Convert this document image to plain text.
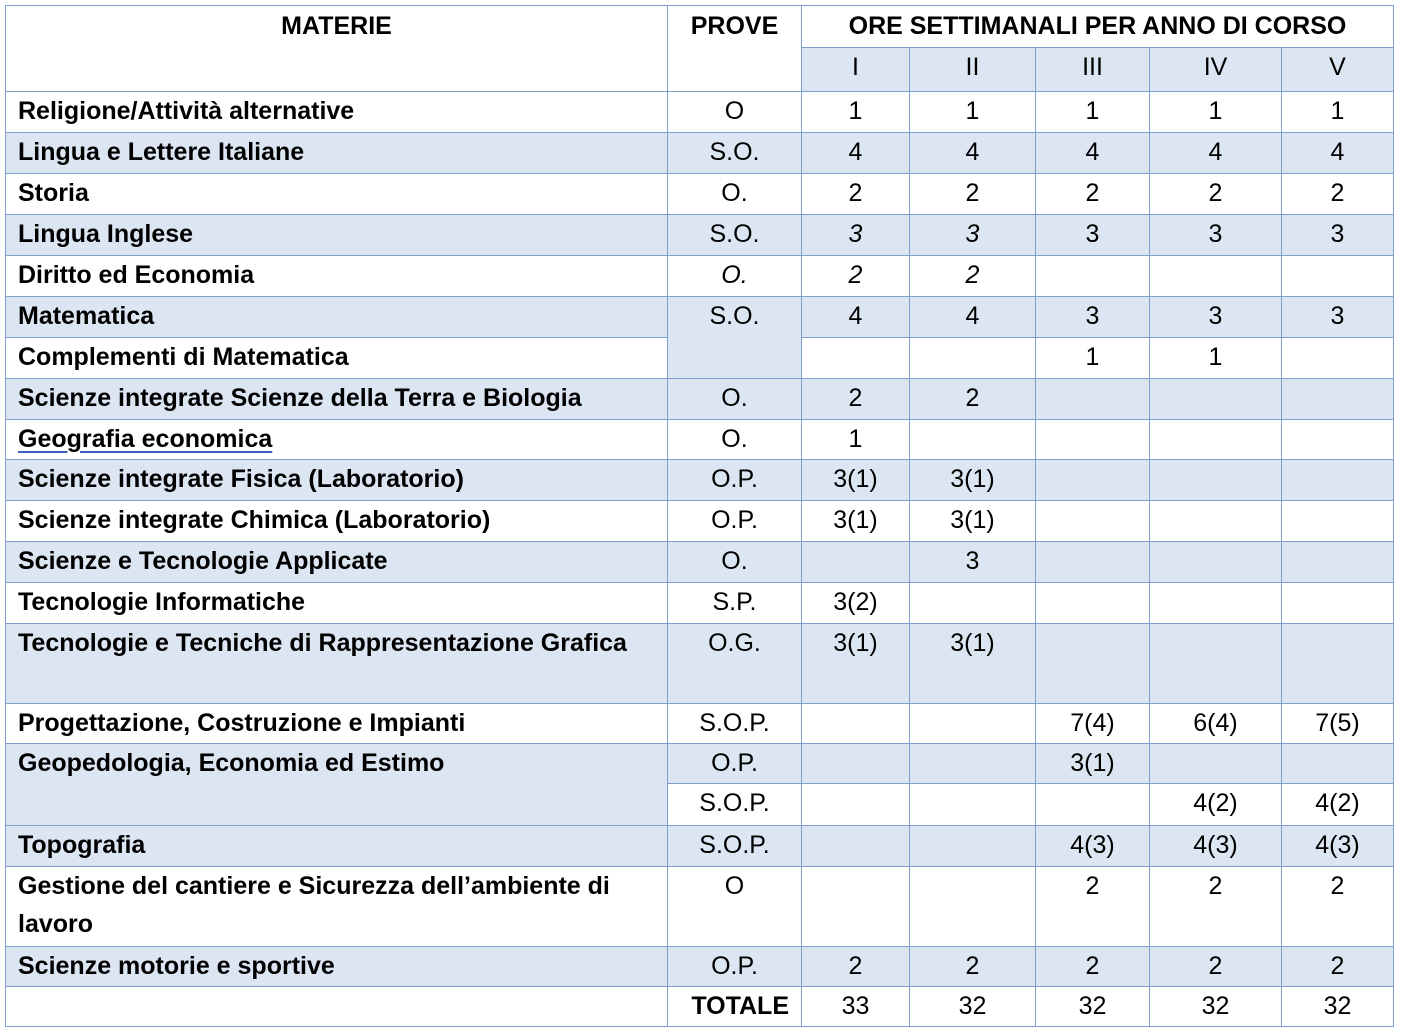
MATERIE	PROVE	ORE SETTIMANALI PER ANNO DI CORSO				
		I	II	III	IV	V
Religione/Attività alternative	O	1	1	1	1	1
Lingua e Lettere Italiane	S.O.	4	4	4	4	4
Storia	O.	2	2	2	2	2
Lingua Inglese	S.O.	3	3	3	3	3
Diritto ed Economia	O.	2	2			
Matematica	S.O.	4	4	3	3	3
Complementi di Matematica				1	1	
Scienze integrate Scienze della Terra e Biologia	O.	2	2			
Geografia economica	O.	1				
Scienze integrate Fisica (Laboratorio)	O.P.	3(1)	3(1)			
Scienze integrate Chimica (Laboratorio)	O.P.	3(1)	3(1)			
Scienze e Tecnologie Applicate	O.		3			
Tecnologie Informatiche	S.P.	3(2)				
Tecnologie e Tecniche di Rappresentazione Grafica	O.G.	3(1)	3(1)			
Progettazione, Costruzione e Impianti	S.O.P.			7(4)	6(4)	7(5)
Geopedologia, Economia ed Estimo	O.P.			3(1)		
	S.O.P.				4(2)	4(2)
Topografia	S.O.P.			4(3)	4(3)	4(3)
Gestione del cantiere e Sicurezza dell’ambiente di lavoro	O			2	2	2
Scienze motorie e sportive	O.P.	2	2	2	2	2
	TOTALE	33	32	32	32	32
